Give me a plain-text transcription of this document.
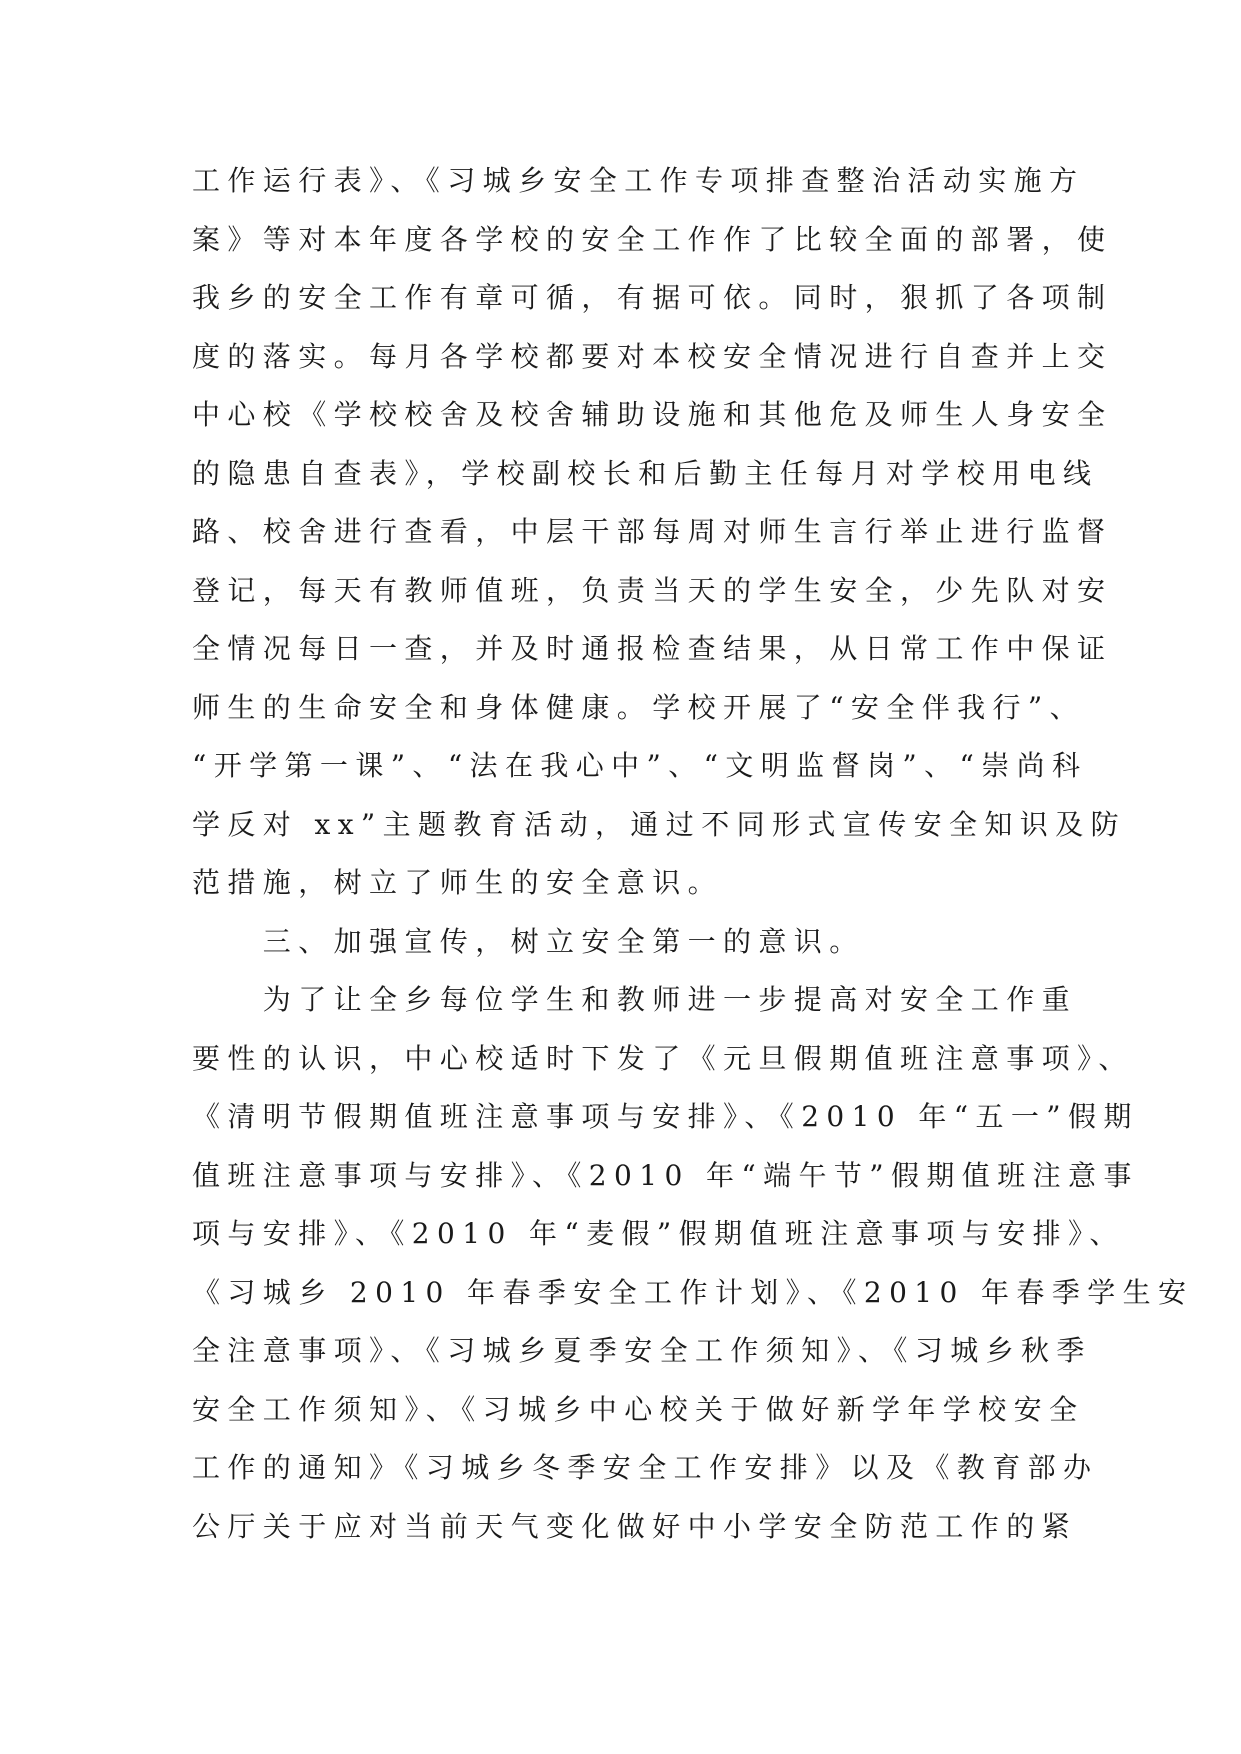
工作运行表》、《习城乡安全工作专项排查整治活动实施方
案》等对本年度各学校的安全工作作了比较全面的部署，使
我乡的安全工作有章可循，有据可依。同时，狠抓了各项制
度的落实。每月各学校都要对本校安全情况进行自查并上交
中心校《学校校舍及校舍辅助设施和其他危及师生人身安全
的隐患自查表》，学校副校长和后勤主任每月对学校用电线
路、校舍进行查看，中层干部每周对师生言行举止进行监督
登记，每天有教师值班，负责当天的学生安全，少先队对安
全情况每日一查，并及时通报检查结果，从日常工作中保证
师生的生命安全和身体健康。学校开展了“安全伴我行”、
“开学第一课”、“法在我心中”、“文明监督岗”、“崇尚科
学反对 xx”主题教育活动，通过不同形式宣传安全知识及防
范措施，树立了师生的安全意识。
　　三、加强宣传，树立安全第一的意识。
　　为了让全乡每位学生和教师进一步提高对安全工作重
要性的认识，中心校适时下发了《元旦假期值班注意事项》、
《清明节假期值班注意事项与安排》、《2010 年“五一”假期
值班注意事项与安排》、《2010 年“端午节”假期值班注意事
项与安排》、《2010 年“麦假”假期值班注意事项与安排》、
《习城乡 2010 年春季安全工作计划》、《2010 年春季学生安
全注意事项》、《习城乡夏季安全工作须知》、《习城乡秋季
安全工作须知》、《习城乡中心校关于做好新学年学校安全
工作的通知》《习城乡冬季安全工作安排》以及《教育部办
公厅关于应对当前天气变化做好中小学安全防范工作的紧
